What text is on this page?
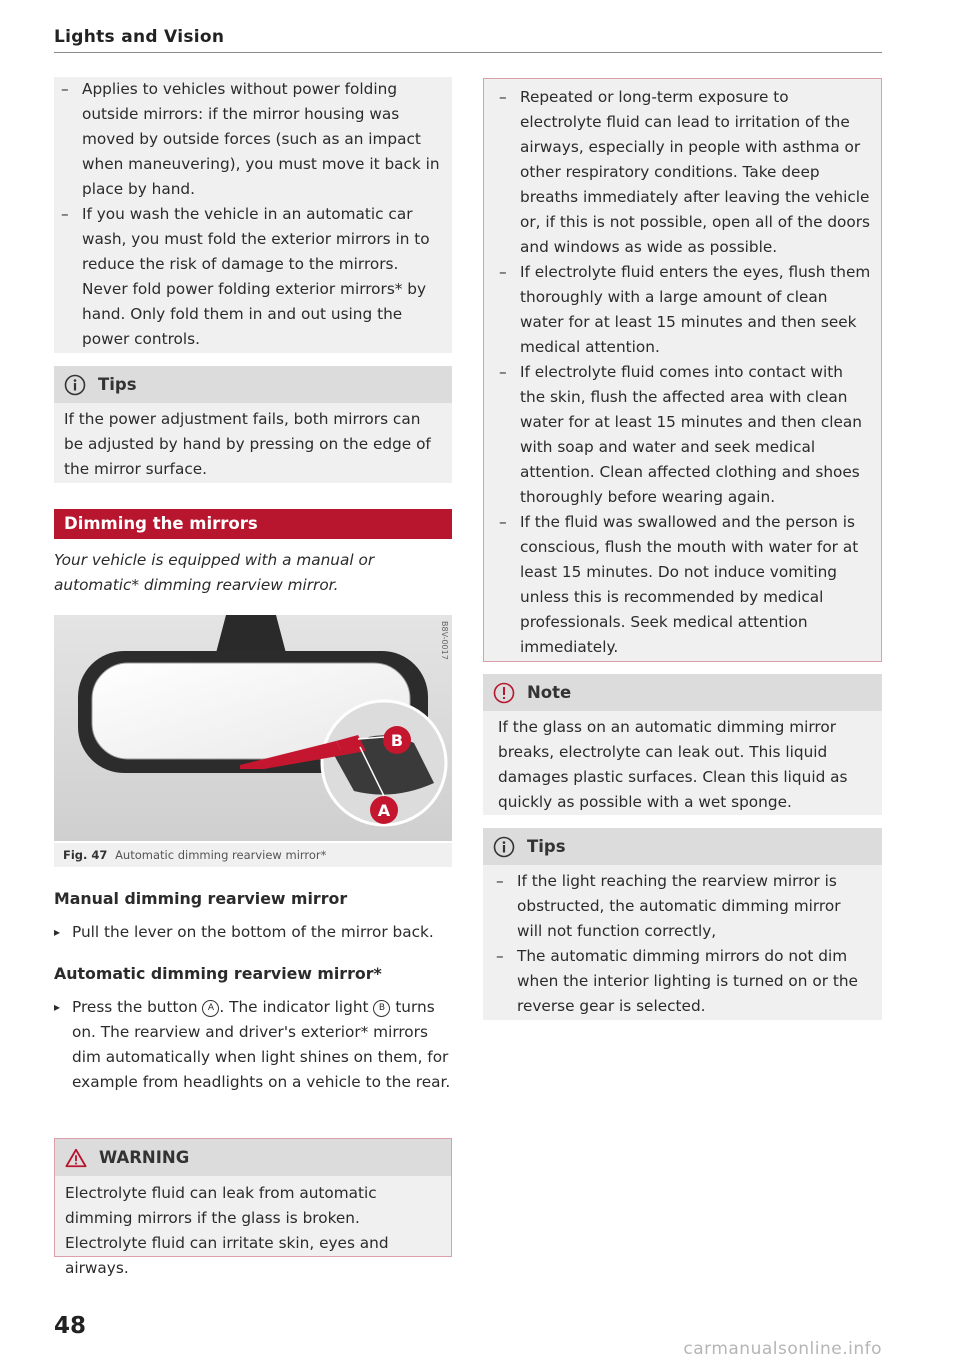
Lights and Vision
– Applies to vehicles without power folding outside mirrors: if the mirror housing was moved by outside forces (such as an impact when maneuvering), you must move it back in place by hand.
– If you wash the vehicle in an automatic car wash, you must fold the exterior mirrors in to reduce the risk of damage to the mirrors. Never fold power folding exterior mirrors* by hand. Only fold them in and out using the power controls.
Tips
If the power adjustment fails, both mirrors can be adjusted by hand by pressing on the edge of the mirror surface.
Dimming the mirrors
Your vehicle is equipped with a manual or automatic* dimming rearview mirror.
B
A
B8V-0017
Fig. 47 Automatic dimming rearview mirror*
Manual dimming rearview mirror
▸ Pull the lever on the bottom of the mirror back.
Automatic dimming rearview mirror*
▸ Press the button A . The indicator light B turns on. The rearview and driver's exterior* mirrors dim automatically when light shines on them, for example from headlights on a vehicle to the rear.
WARNING
Electrolyte fluid can leak from automatic dimming mirrors if the glass is broken. Electrolyte fluid can irritate skin, eyes and airways.
– Repeated or long-term exposure to electrolyte fluid can lead to irritation of the airways, especially in people with asthma or other respiratory conditions. Take deep breaths immediately after leaving the vehicle or, if this is not possible, open all of the doors and windows as wide as possible.
– If electrolyte fluid enters the eyes, flush them thoroughly with a large amount of clean water for at least 15 minutes and then seek medical attention.
– If electrolyte fluid comes into contact with the skin, flush the affected area with clean water for at least 15 minutes and then clean with soap and water and seek medical attention. Clean affected clothing and shoes thoroughly before wearing again.
– If the fluid was swallowed and the person is conscious, flush the mouth with water for at least 15 minutes. Do not induce vomiting unless this is recommended by medical professionals. Seek medical attention immediately.
Note
If the glass on an automatic dimming mirror breaks, electrolyte can leak out. This liquid damages plastic surfaces. Clean this liquid as quickly as possible with a wet sponge.
Tips
– If the light reaching the rearview mirror is obstructed, the automatic dimming mirror will not function correctly,
– The automatic dimming mirrors do not dim when the interior lighting is turned on or the reverse gear is selected.
48
carmanualsonline.info
